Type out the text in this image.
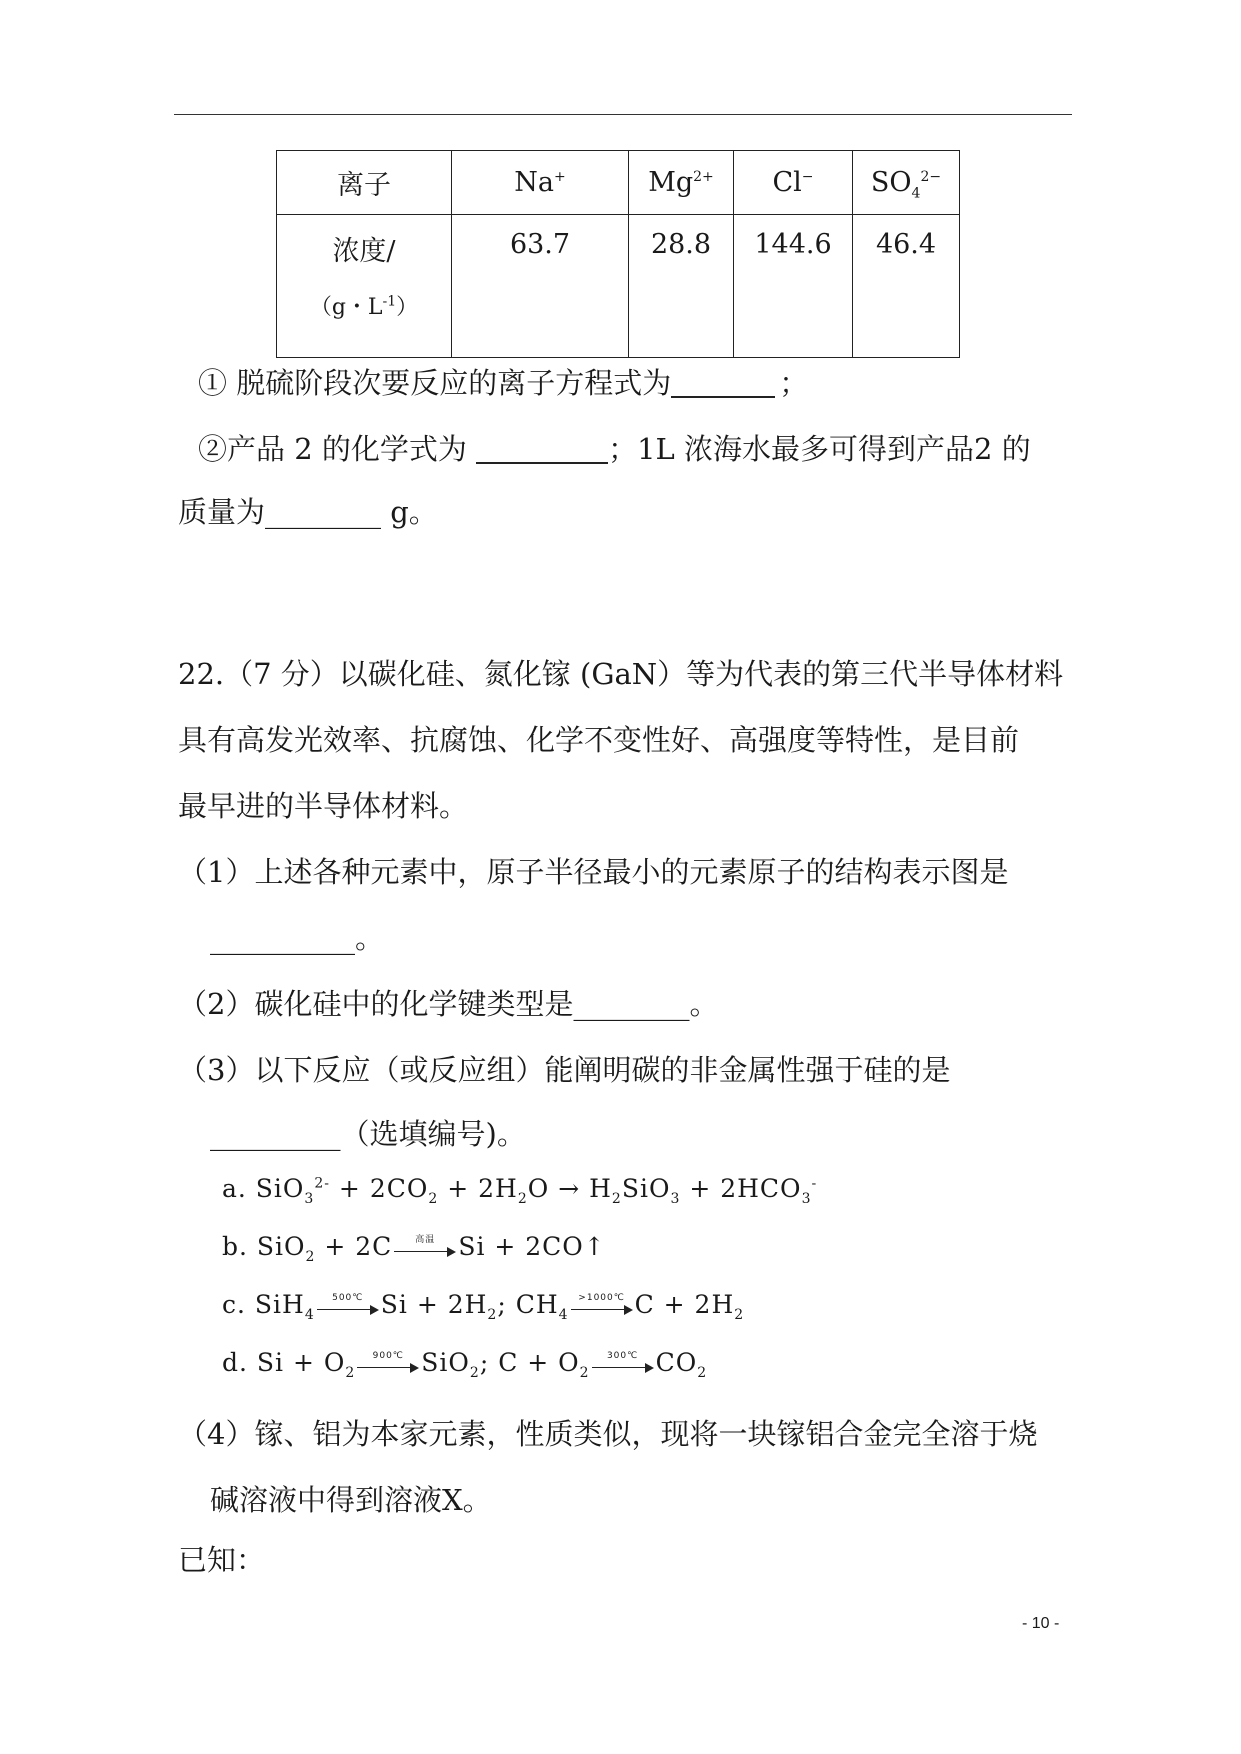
离子	Na+	$Mg^{2+}$	Cl−	$SO_4^{2-}$
浓度/
（g・$L^{-1}$）	63.7	28.8	144.6	46.4
① 脱硫阶段次要反应的离子方程式为	；
②产品 2 的化学式为	；1L 浓海水最多可得到产品2 的
质量为________ g。
22.（7 分）以碳化硅、氮化镓 (GaN）等为代表的第三代半导体材料
具有高发光效率、抗腐蚀、化学不变性好、高强度等特性，是目前
最早进的半导体材料。
（1）上述各种元素中，原子半径最小的元素原子的结构表示图是
__________。
（2）碳化硅中的化学键类型是________。
（3）以下反应（或反应组）能阐明碳的非金属性强于硅的是
_________（选填编号)。
a. $SiO_3^{2-} + 2CO_2 + 2H_2O \to H_2SiO_3 + 2HCO_3^-$
b. SiO$_2$ + 2C	高温 Si + 2CO↑
c. SiH$_4$
500℃ $Si + 2H_2$; $CH_4$
>1000℃ $C + 2H_2$
d. $Si + O_2$
900℃ SiO$_2$; $C + O_2$
300℃ $CO_2$
（4）镓、铝为本家元素，性质类似，现将一块镓铝合金完全溶于烧
碱溶液中得到溶液X。
已知：
- 10 -
